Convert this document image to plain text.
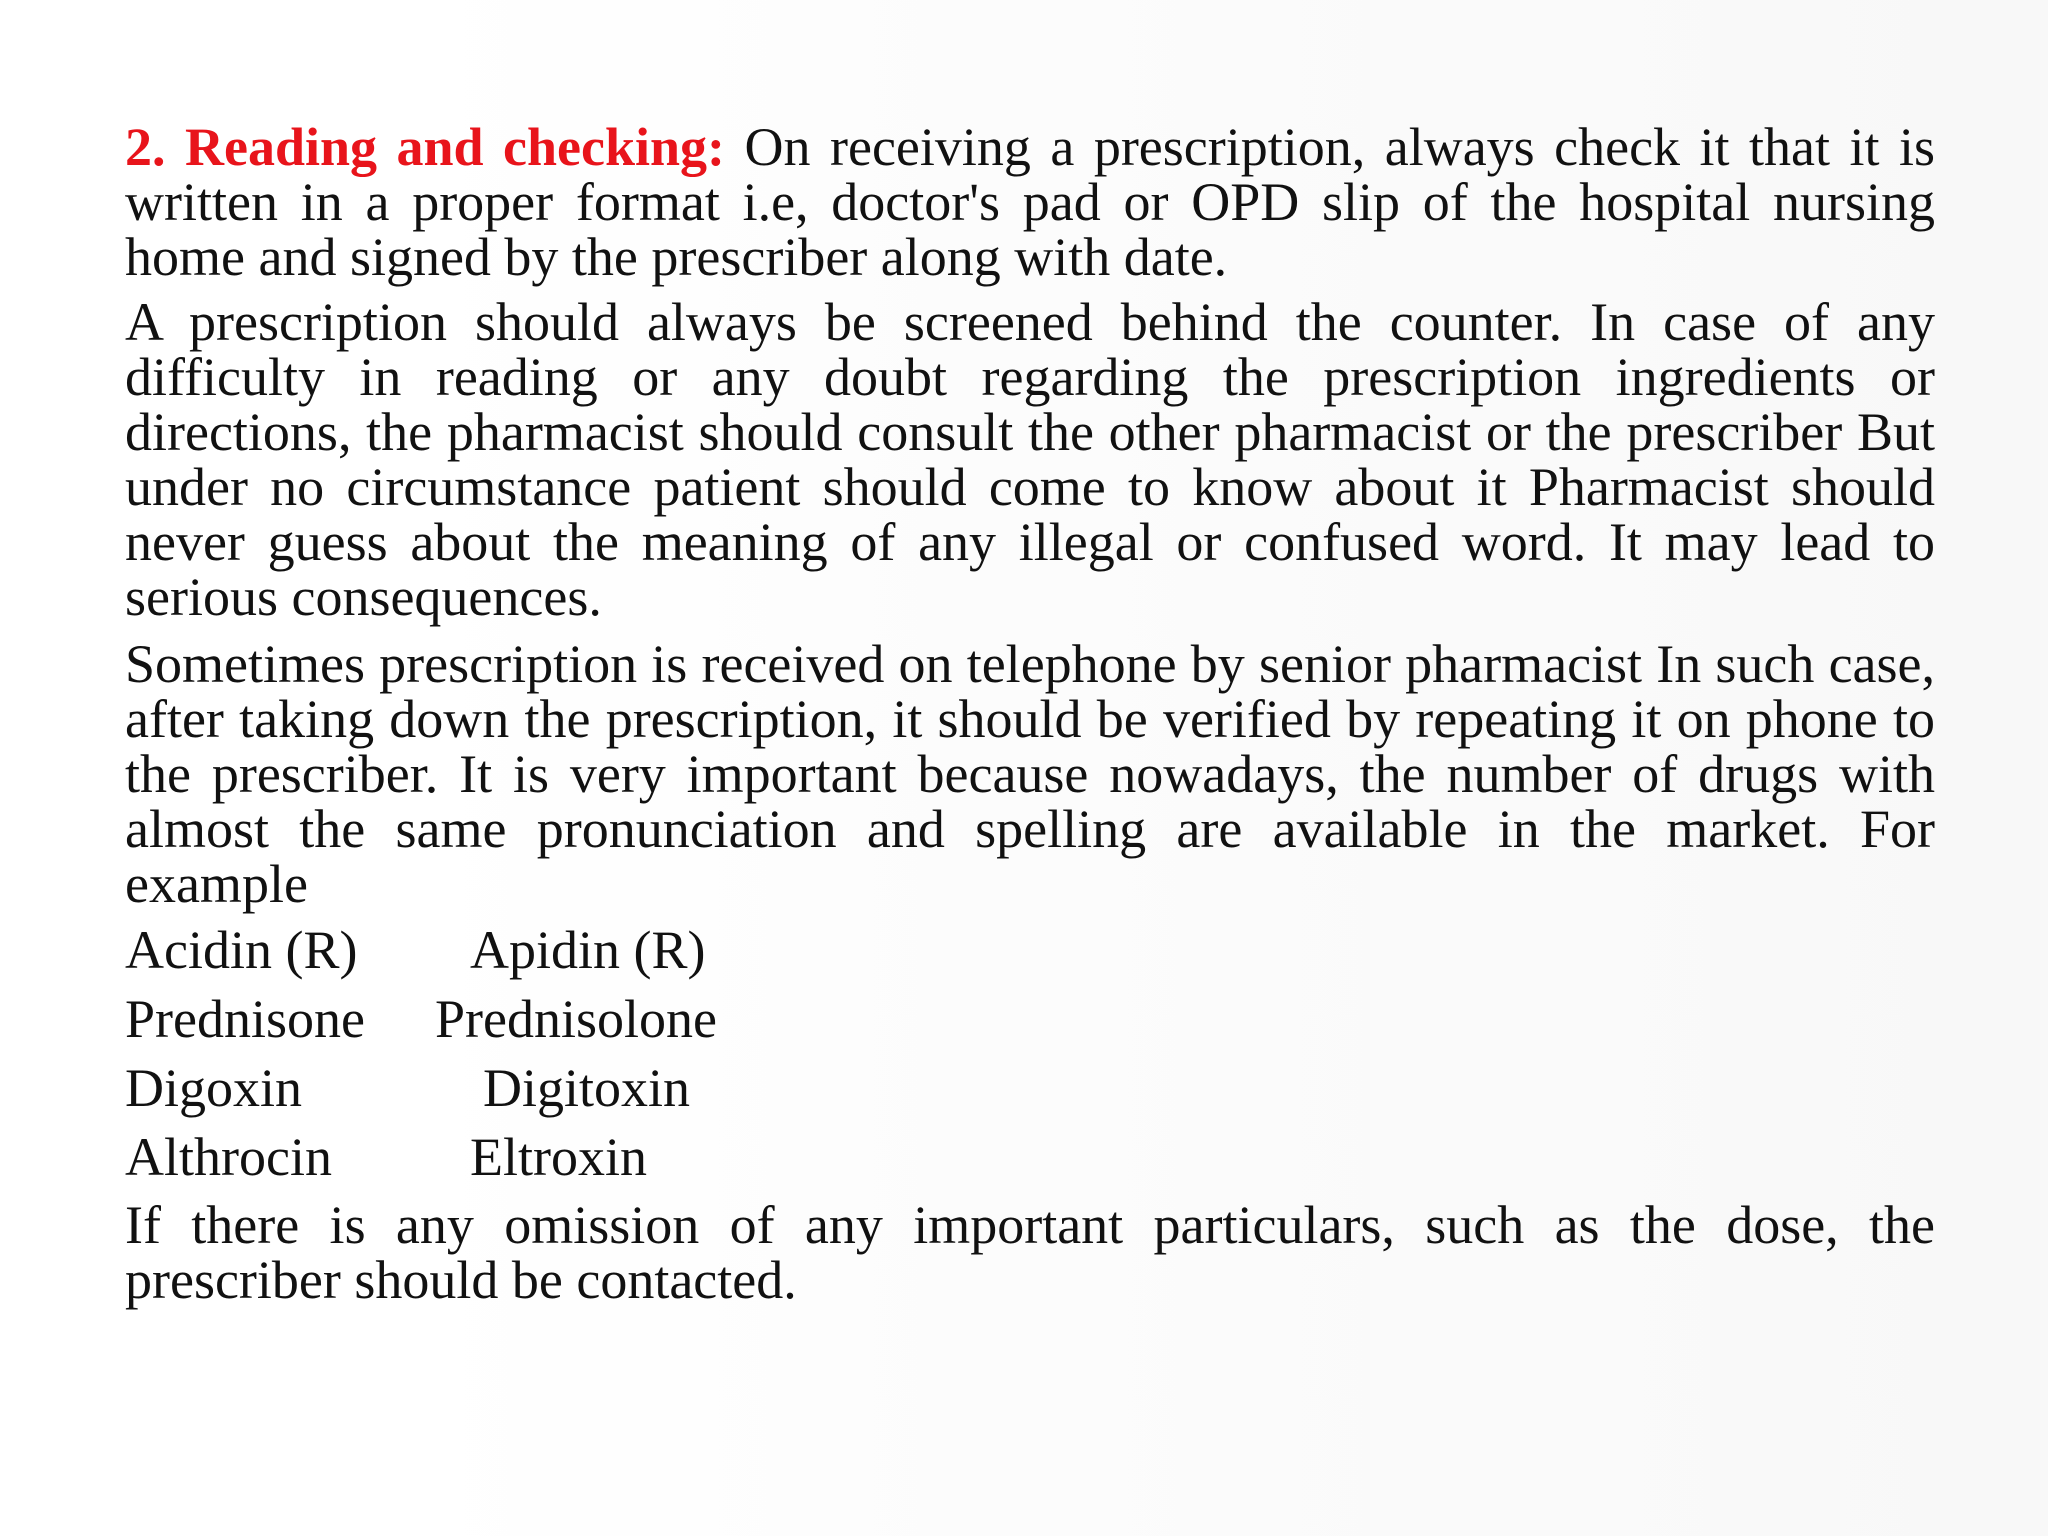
2. Reading and checking: On receiving a prescription, always check it that it is written in a proper format i.e, doctor's pad or OPD slip of the hospital nursing home and signed by the prescriber along with date.

A prescription should always be screened behind the counter. In case of any difficulty in reading or any doubt regarding the prescription ingredients or directions, the pharmacist should consult the other pharmacist or the prescriber But under no circumstance patient should come to know about it Pharmacist should never guess about the meaning of any illegal or confused word. It may lead to serious consequences.

Sometimes prescription is received on telephone by senior pharmacist In such case, after taking down the prescription, it should be verified by repeating it on phone to the prescriber. It is very important because nowadays, the number of drugs with almost the same pronunciation and spelling are available in the market. For example

Acidin (R)	Apidin (R)
Prednisone	Prednisolone
Digoxin	Digitoxin
Althrocin	Eltroxin

If there is any omission of any important particulars, such as the dose, the prescriber should be contacted.
